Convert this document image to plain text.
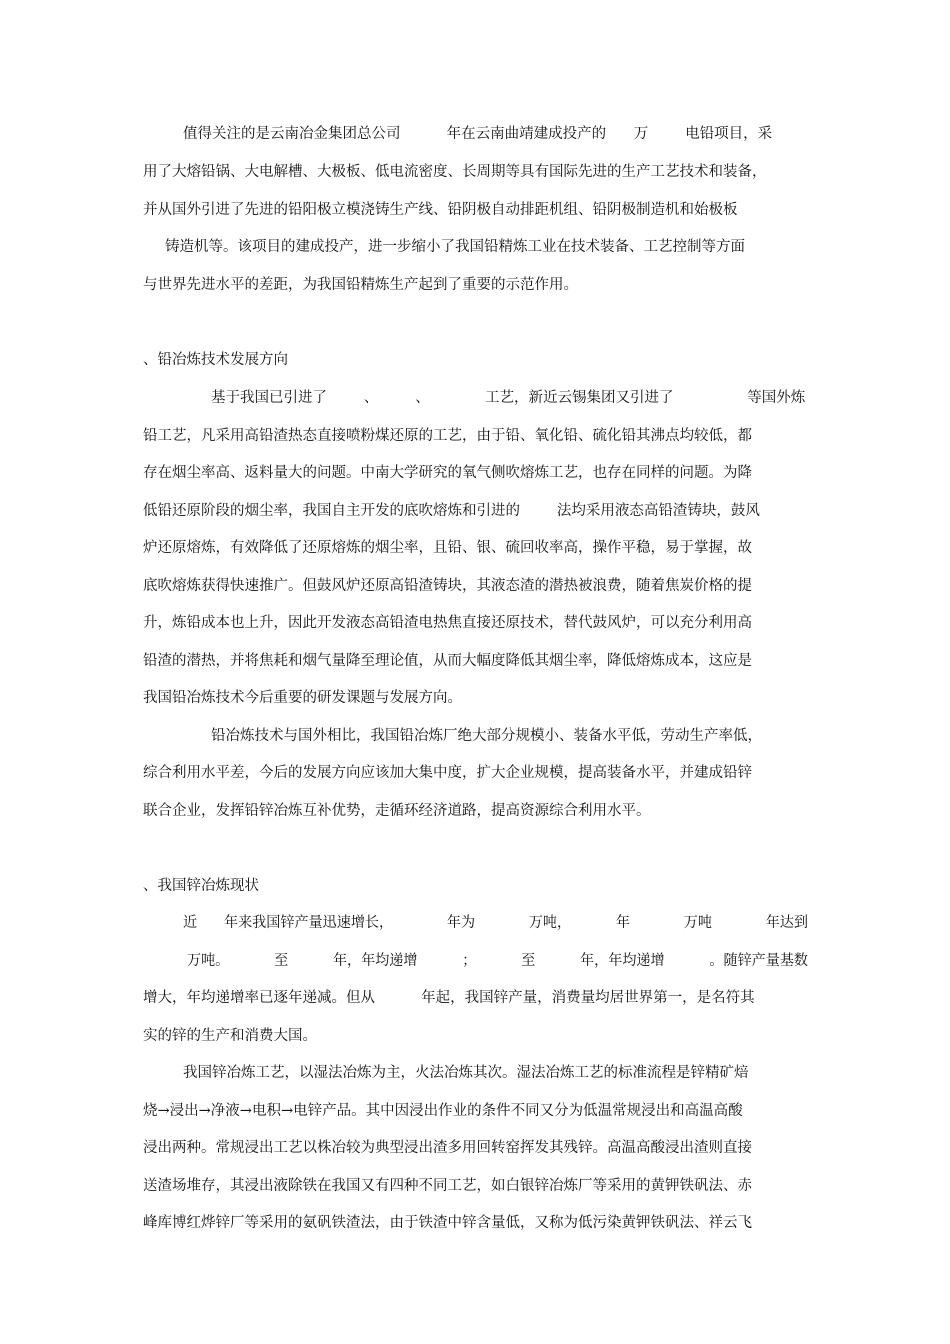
值得关注的是云南冶金集团总公司          年在云南曲靖建成投产的      万        电铅项目，采

用了大熔铅锅、大电解槽、大极板、低电流密度、长周期等具有国际先进的生产工艺技术和装备，

并从国外引进了先进的铅阳极立模浇铸生产线、铅阴极自动排距机组、铅阴极制造机和始极板

铸造机等。该项目的建成投产，进一步缩小了我国铅精炼工业在技术装备、工艺控制等方面

与世界先进水平的差距，为我国铅精炼生产起到了重要的示范作用。

、铅冶炼技术发展方向

基于我国已引进了        、        、            工艺，新近云锡集团又引进了                等国外炼

铅工艺，凡采用高铅渣热态直接喷粉煤还原的工艺，由于铅、氧化铅、硫化铅其沸点均较低，都

存在烟尘率高、返料量大的问题。中南大学研究的氧气侧吹熔炼工艺，也存在同样的问题。为降

低铅还原阶段的烟尘率，我国自主开发的底吹熔炼和引进的        法均采用液态高铅渣铸块，鼓风

炉还原熔炼，有效降低了还原熔炼的烟尘率，且铅、银、硫回收率高，操作平稳，易于掌握，故

底吹熔炼获得快速推广。但鼓风炉还原高铅渣铸块，其液态渣的潜热被浪费，随着焦炭价格的提

升，炼铅成本也上升，因此开发液态高铅渣电热焦直接还原技术，替代鼓风炉，可以充分利用高

铅渣的潜热，并将焦耗和烟气量降至理论值，从而大幅度降低其烟尘率，降低熔炼成本，这应是

我国铅冶炼技术今后重要的研发课题与发展方向。

铅冶炼技术与国外相比，我国铅冶炼厂绝大部分规模小、装备水平低，劳动生产率低，

综合利用水平差，今后的发展方向应该加大集中度，扩大企业规模，提高装备水平，并建成铅锌

联合企业，发挥铅锌冶炼互补优势，走循环经济道路，提高资源综合利用水平。

、我国锌冶炼现状

近      年来我国锌产量迅速增长，            年为            万吨，          年            万吨            年达到

万吨。          至          年，年均递增          ；          至          年，年均递增          。随锌产量基数

增大，年均递增率已逐年递减。但从          年起，我国锌产量，消费量均居世界第一，是名符其

实的锌的生产和消费大国。

我国锌冶炼工艺，以湿法冶炼为主，火法冶炼其次。湿法冶炼工艺的标准流程是锌精矿焙

烧→浸出→净液→电积→电锌产品。其中因浸出作业的条件不同又分为低温常规浸出和高温高酸

浸出两种。常规浸出工艺以株冶较为典型浸出渣多用回转窑挥发其残锌。高温高酸浸出渣则直接

送渣场堆存，其浸出液除铁在我国又有四种不同工艺，如白银锌冶炼厂等采用的黄钾铁矾法、赤

峰库博红烨锌厂等采用的氨矾铁渣法，由于铁渣中锌含量低，又称为低污染黄钾铁矾法、祥云飞
